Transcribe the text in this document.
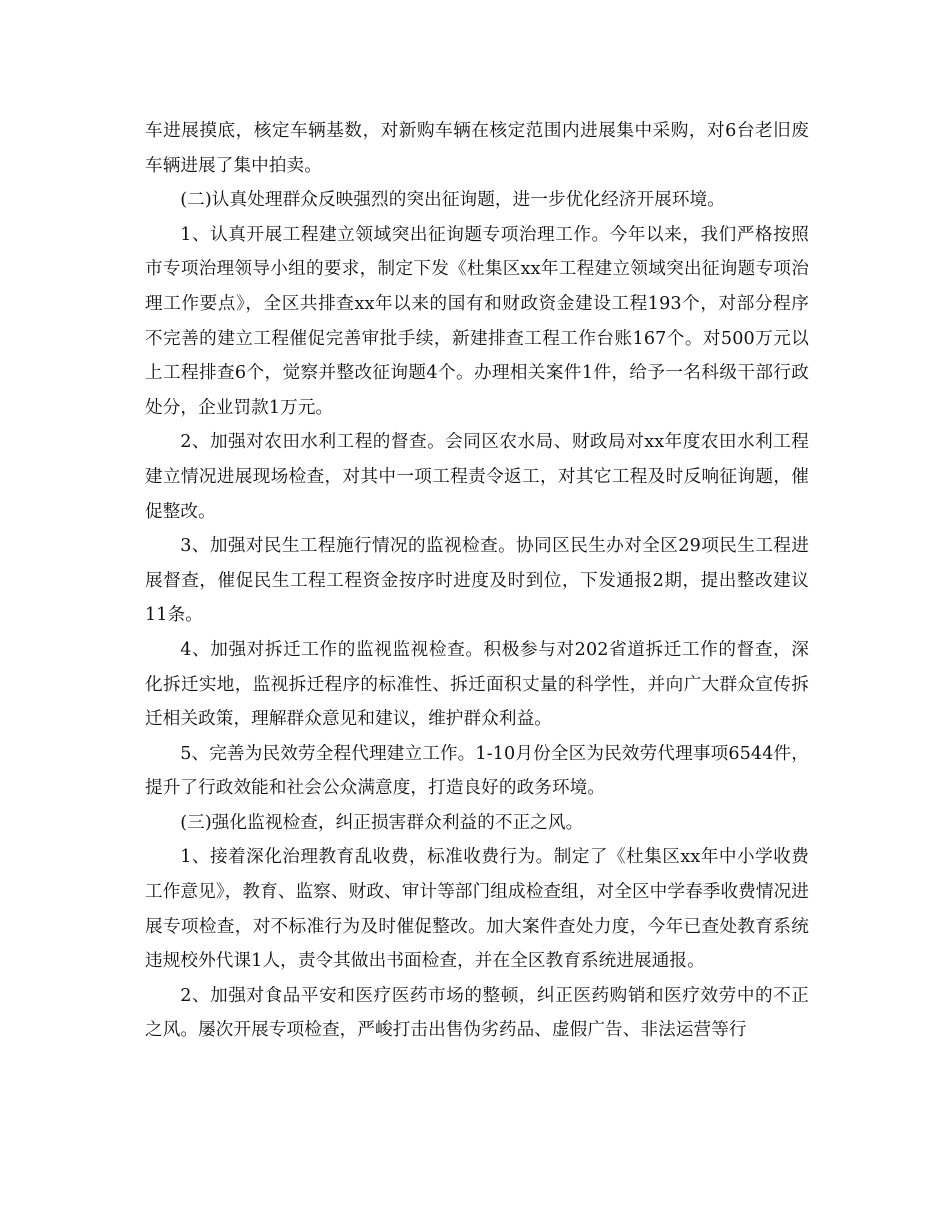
车进展摸底，核定车辆基数，对新购车辆在核定范围内进展集中采购，对6台老旧废车辆进展了集中拍卖。

(二)认真处理群众反映强烈的突出征询题，进一步优化经济开展环境。

1、认真开展工程建立领域突出征询题专项治理工作。今年以来，我们严格按照市专项治理领导小组的要求，制定下发《杜集区xx年工程建立领域突出征询题专项治理工作要点》，全区共排查xx年以来的国有和财政资金建设工程193个，对部分程序不完善的建立工程催促完善审批手续，新建排查工程工作台账167个。对500万元以上工程排查6个，觉察并整改征询题4个。办理相关案件1件，给予一名科级干部行政处分，企业罚款1万元。

2、加强对农田水利工程的督查。会同区农水局、财政局对xx年度农田水利工程建立情况进展现场检查，对其中一项工程责令返工，对其它工程及时反响征询题，催促整改。

3、加强对民生工程施行情况的监视检查。协同区民生办对全区29项民生工程进展督查，催促民生工程工程资金按序时进度及时到位，下发通报2期，提出整改建议11条。

4、加强对拆迁工作的监视监视检查。积极参与对202省道拆迁工作的督查，深化拆迁实地，监视拆迁程序的标准性、拆迁面积丈量的科学性，并向广大群众宣传拆迁相关政策，理解群众意见和建议，维护群众利益。

5、完善为民效劳全程代理建立工作。1-10月份全区为民效劳代理事项6544件，提升了行政效能和社会公众满意度，打造良好的政务环境。

(三)强化监视检查，纠正损害群众利益的不正之风。

1、接着深化治理教育乱收费，标准收费行为。制定了《杜集区xx年中小学收费工作意见》，教育、监察、财政、审计等部门组成检查组，对全区中学春季收费情况进展专项检查，对不标准行为及时催促整改。加大案件查处力度，今年已查处教育系统违规校外代课1人，责令其做出书面检查，并在全区教育系统进展通报。

2、加强对食品平安和医疗医药市场的整顿，纠正医药购销和医疗效劳中的不正之风。屡次开展专项检查，严峻打击出售伪劣药品、虚假广告、非法运营等行
